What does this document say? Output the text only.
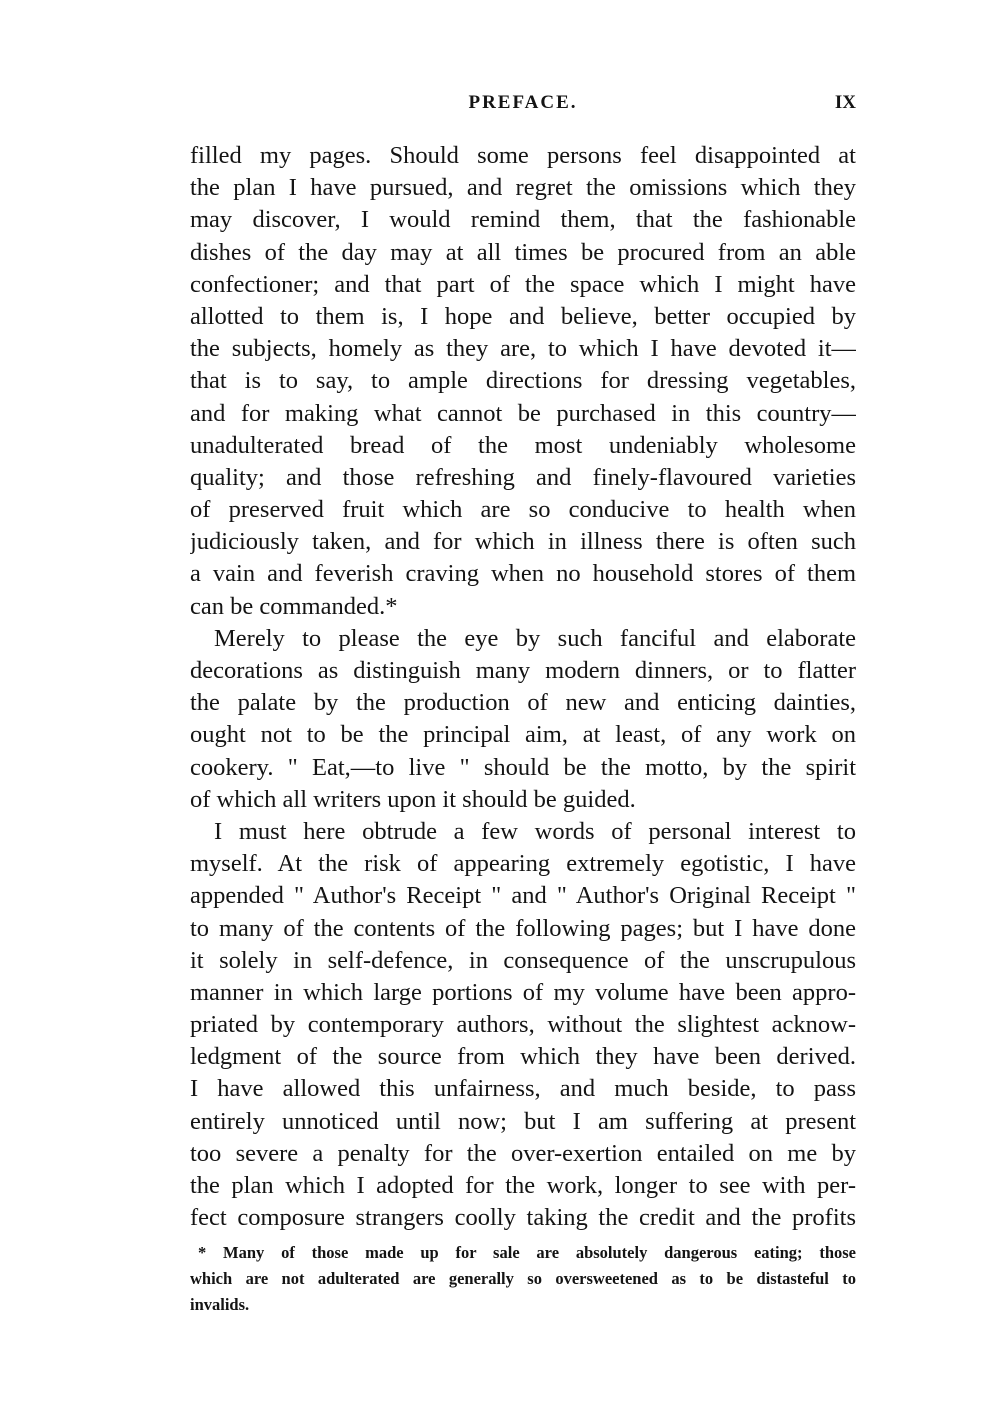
PREFACE.	IX
filled my pages. Should some persons feel disappointed at
the plan I have pursued, and regret the omissions which they
may discover, I would remind them, that the fashionable
dishes of the day may at all times be procured from an able
confectioner; and that part of the space which I might have
allotted to them is, I hope and believe, better occupied by
the subjects, homely as they are, to which I have devoted it—
that is to say, to ample directions for dressing vegetables,
and for making what cannot be purchased in this country—
unadulterated bread of the most undeniably wholesome
quality; and those refreshing and finely-flavoured varieties
of preserved fruit which are so conducive to health when
judiciously taken, and for which in illness there is often such
a vain and feverish craving when no household stores of them
can be commanded.*
Merely to please the eye by such fanciful and elaborate
decorations as distinguish many modern dinners, or to flatter
the palate by the production of new and enticing dainties,
ought not to be the principal aim, at least, of any work on
cookery. " Eat,—to live " should be the motto, by the spirit
of which all writers upon it should be guided.
I must here obtrude a few words of personal interest to
myself. At the risk of appearing extremely egotistic, I have
appended " Author's Receipt " and " Author's Original Receipt "
to many of the contents of the following pages; but I have done
it solely in self-defence, in consequence of the unscrupulous
manner in which large portions of my volume have been appro-
priated by contemporary authors, without the slightest acknow-
ledgment of the source from which they have been derived.
I have allowed this unfairness, and much beside, to pass
entirely unnoticed until now; but I am suffering at present
too severe a penalty for the over-exertion entailed on me by
the plan which I adopted for the work, longer to see with per-
fect composure strangers coolly taking the credit and the profits
* Many of those made up for sale are absolutely dangerous eating; those
which are not adulterated are generally so oversweetened as to be distasteful to
invalids.
